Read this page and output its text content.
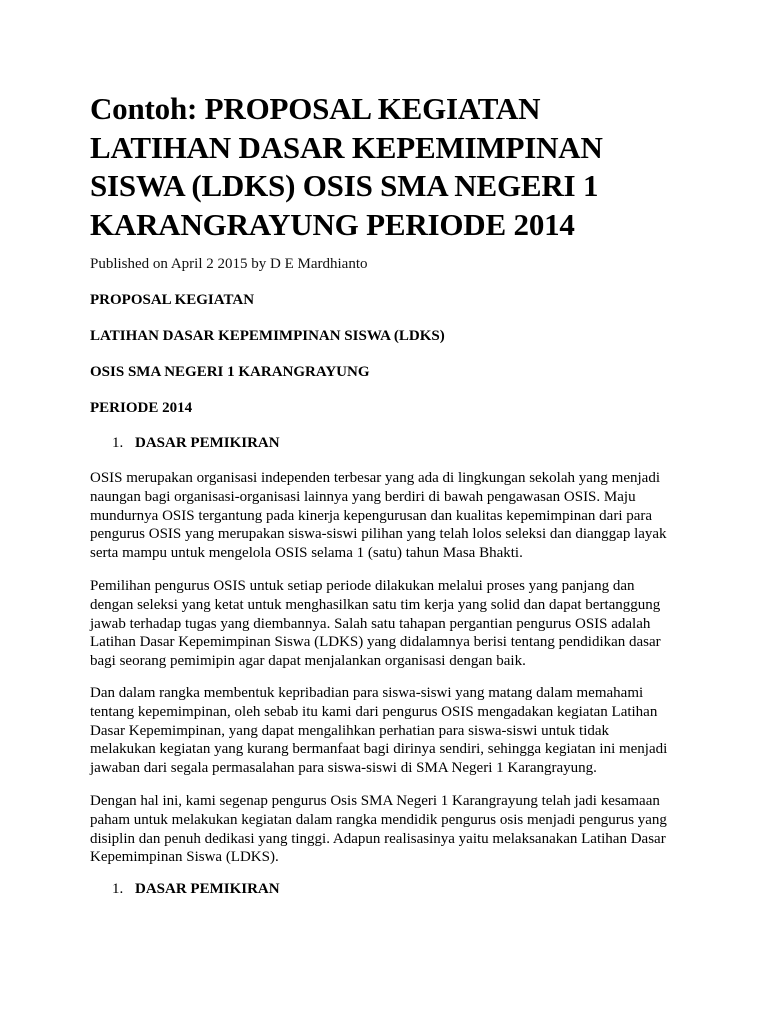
Contoh: PROPOSAL KEGIATAN
LATIHAN DASAR KEPEMIMPINAN
SISWA (LDKS) OSIS SMA NEGERI 1
KARANGRAYUNG PERIODE 2014
Published on April 2 2015 by D E Mardhianto
PROPOSAL KEGIATAN
LATIHAN DASAR KEPEMIMPINAN SISWA (LDKS)
OSIS SMA NEGERI 1 KARANGRAYUNG
PERIODE 2014
1. DASAR PEMIKIRAN
OSIS merupakan organisasi independen terbesar yang ada di lingkungan sekolah yang menjadi
naungan bagi organisasi-organisasi lainnya yang berdiri di bawah pengawasan OSIS. Maju
mundurnya OSIS tergantung pada kinerja kepengurusan dan kualitas kepemimpinan dari para
pengurus OSIS yang merupakan siswa-siswi pilihan yang telah lolos seleksi dan dianggap layak
serta mampu untuk mengelola OSIS selama 1 (satu) tahun Masa Bhakti.
Pemilihan pengurus OSIS untuk setiap periode dilakukan melalui proses yang panjang dan
dengan seleksi yang ketat untuk menghasilkan satu tim kerja yang solid dan dapat bertanggung
jawab terhadap tugas yang diembannya. Salah satu tahapan pergantian pengurus OSIS adalah
Latihan Dasar Kepemimpinan Siswa (LDKS) yang didalamnya berisi tentang pendidikan dasar
bagi seorang pemimipin agar dapat menjalankan organisasi dengan baik.
Dan dalam rangka membentuk kepribadian para siswa-siswi yang matang dalam memahami
tentang kepemimpinan, oleh sebab itu kami dari pengurus OSIS mengadakan kegiatan Latihan
Dasar Kepemimpinan, yang dapat mengalihkan perhatian para siswa-siswi untuk tidak
melakukan kegiatan yang kurang bermanfaat bagi dirinya sendiri, sehingga kegiatan ini menjadi
jawaban dari segala permasalahan para siswa-siswi di SMA Negeri 1 Karangrayung.
Dengan hal ini, kami segenap pengurus Osis SMA Negeri 1 Karangrayung telah jadi kesamaan
paham untuk melakukan kegiatan dalam rangka mendidik pengurus osis menjadi pengurus yang
disiplin dan penuh dedikasi yang tinggi. Adapun realisasinya yaitu melaksanakan Latihan Dasar
Kepemimpinan Siswa (LDKS).
1. DASAR PEMIKIRAN
